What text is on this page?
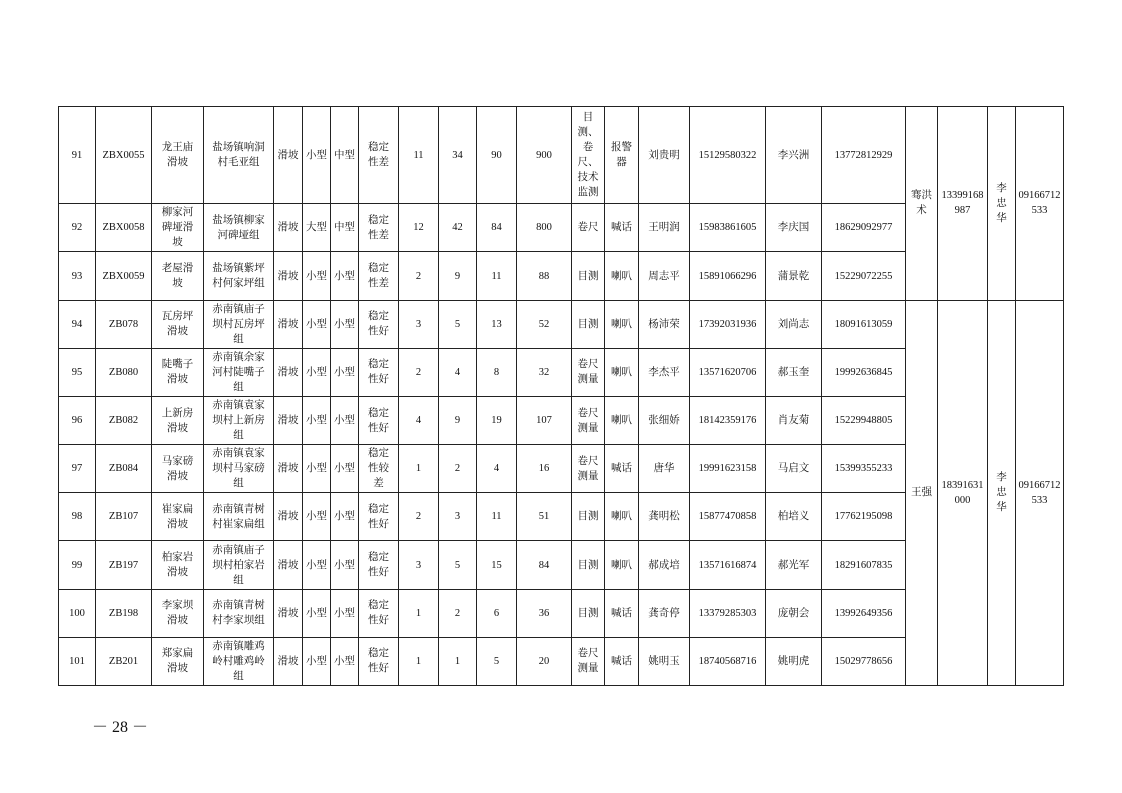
91	ZBX0055	龙王庙滑坡	盐场镇响洞村毛亚组	滑坡	小型	中型	稳定性差	11	34	90	900	目测、卷尺、技术监测	报警器	刘贵明	15129580322	李兴洲	13772812929	骞洪术	13399168987	李忠华	09166712533
92	ZBX0058	柳家河碑垭滑坡	盐场镇柳家河碑垭组	滑坡	大型	中型	稳定性差	12	42	84	800	卷尺	喊话	王明润	15983861605	李庆国	18629092977				
93	ZBX0059	老屋滑坡	盐场镇紫坪村何家坪组	滑坡	小型	小型	稳定性差	2	9	11	88	目测	喇叭	周志平	15891066296	蒲景乾	15229072255				
94	ZB078	瓦房坪滑坡	赤南镇庙子坝村瓦房坪组	滑坡	小型	小型	稳定性好	3	5	13	52	目测	喇叭	杨沛荣	17392031936	刘尚志	18091613059	王强	18391631000	李忠华	09166712533
95	ZB080	陡嘴子滑坡	赤南镇余家河村陡嘴子组	滑坡	小型	小型	稳定性好	2	4	8	32	卷尺测量	喇叭	李杰平	13571620706	郝玉奎	19992636845				
96	ZB082	上新房滑坡	赤南镇袁家坝村上新房组	滑坡	小型	小型	稳定性好	4	9	19	107	卷尺测量	喇叭	张细娇	18142359176	肖友菊	15229948805				
97	ZB084	马家磅滑坡	赤南镇袁家坝村马家磅组	滑坡	小型	小型	稳定性较差	1	2	4	16	卷尺测量	喊话	唐华	19991623158	马启文	15399355233				
98	ZB107	崔家扁滑坡	赤南镇青树村崔家扁组	滑坡	小型	小型	稳定性好	2	3	11	51	目测	喇叭	龚明松	15877470858	柏培义	17762195098				
99	ZB197	柏家岩滑坡	赤南镇庙子坝村柏家岩组	滑坡	小型	小型	稳定性好	3	5	15	84	目测	喇叭	郝成培	13571616874	郝光军	18291607835				
100	ZB198	李家坝滑坡	赤南镇青树村李家坝组	滑坡	小型	小型	稳定性好	1	2	6	36	目测	喊话	龚奇停	13379285303	庞朝会	13992649356				
101	ZB201	郑家扁滑坡	赤南镇雕鸡岭村雕鸡岭组	滑坡	小型	小型	稳定性好	1	1	5	20	卷尺测量	喊话	姚明玉	18740568716	姚明虎	15029778656				
－ 28 －
